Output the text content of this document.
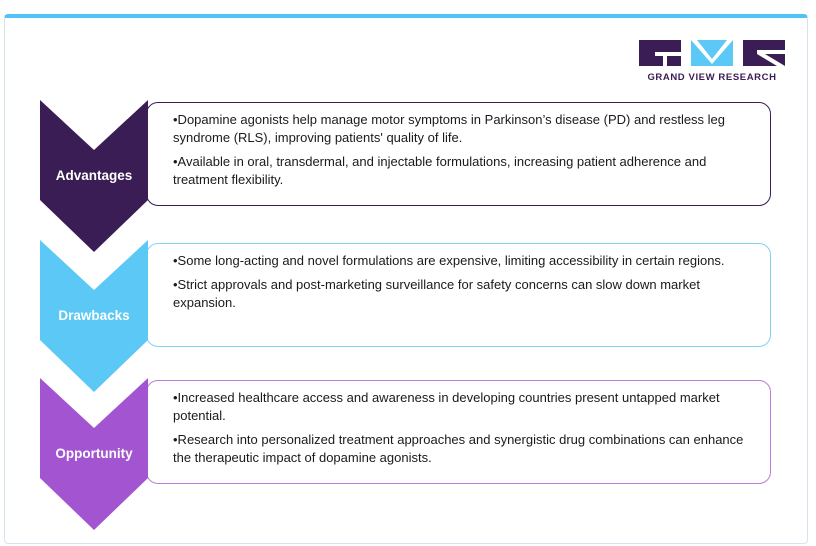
GRAND VIEW RESEARCH

•Dopamine agonists help manage motor symptoms in Parkinson’s disease (PD) and restless leg syndrome (RLS), improving patients' quality of life.

•Available in oral, transdermal, and injectable formulations, increasing patient adherence and treatment flexibility.

Advantages

•Some long-acting and novel formulations are expensive, limiting accessibility in certain regions.

•Strict approvals and post-marketing surveillance for safety concerns can slow down market expansion.

Drawbacks

•Increased healthcare access and awareness in developing countries present untapped market potential.

•Research into personalized treatment approaches and synergistic drug combinations can enhance the therapeutic impact of dopamine agonists.

Opportunity
